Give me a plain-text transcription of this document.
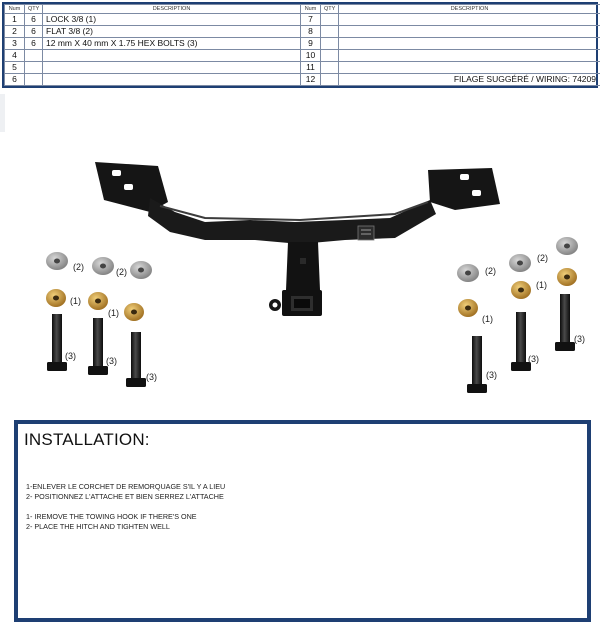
Num	QTY	DESCRIPTION	Num	QTY	DESCRIPTION
1	6	LOCK 3/8 (1)	7		
2	6	FLAT 3/8 (2)	8		
3	6	12 mm X 40 mm X 1.75 HEX BOLTS (3)	9		
4			10		
5			11		
6			12		FILAGE SUGGÉRÉ / WIRING: 74209
(2)	(2)
(1)
(1)
(3)	(3)
(3)
(2)
(2)
(1)
(1)
(3)
(3)
(3)
INSTALLATION:
1-ENLEVER LE CORCHET DE REMORQUAGE S'IL Y A LIEU
2- POSITIONNEZ L'ATTACHE ET BIEN SERREZ L'ATTACHE
1- IREMOVE THE TOWING HOOK IF THERE'S ONE
2- PLACE THE HITCH AND TIGHTEN WELL
